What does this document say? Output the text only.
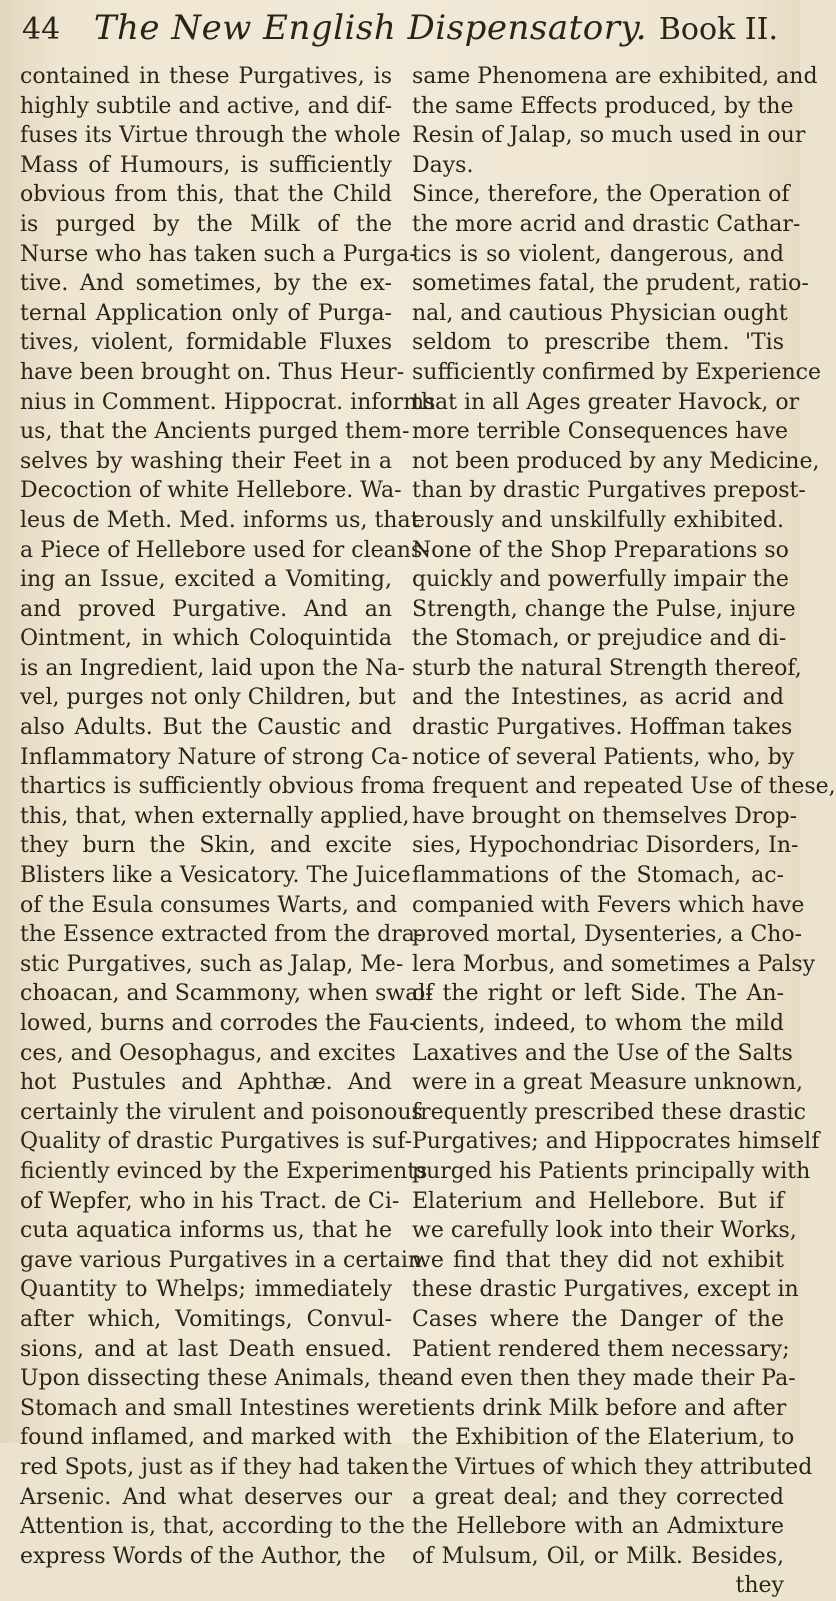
44 The New English Dispensatory. Book II.
contained in these Purgatives, is
highly subtile and active, and dif-
fuses its Virtue through the whole
Mass of Humours, is sufficiently
obvious from this, that the Child
is purged by the Milk of the
Nurse who has taken such a Purga-
tive. And sometimes, by the ex-
ternal Application only of Purga-
tives, violent, formidable Fluxes
have been brought on. Thus Heur-
nius in Comment. Hippocrat. informs
us, that the Ancients purged them-
selves by washing their Feet in a
Decoction of white Hellebore. Wa-
leus de Meth. Med. informs us, that
a Piece of Hellebore used for cleans-
ing an Issue, excited a Vomiting,
and proved Purgative. And an
Ointment, in which Coloquintida
is an Ingredient, laid upon the Na-
vel, purges not only Children, but
also Adults. But the Caustic and
Inflammatory Nature of strong Ca-
thartics is sufficiently obvious from
this, that, when externally applied,
they burn the Skin, and excite
Blisters like a Vesicatory. The Juice
of the Esula consumes Warts, and
the Essence extracted from the dra-
stic Purgatives, such as Jalap, Me-
choacan, and Scammony, when swal-
lowed, burns and corrodes the Fau-
ces, and Oesophagus, and excites
hot Pustules and Aphthæ. And
certainly the virulent and poisonous
Quality of drastic Purgatives is suf-
ficiently evinced by the Experiments
of Wepfer, who in his Tract. de Ci-
cuta aquatica informs us, that he
gave various Purgatives in a certain
Quantity to Whelps; immediately
after which, Vomitings, Convul-
sions, and at last Death ensued.
Upon dissecting these Animals, the
Stomach and small Intestines were
found inflamed, and marked with
red Spots, just as if they had taken
Arsenic. And what deserves our
Attention is, that, according to the
express Words of the Author, the
same Phenomena are exhibited, and
the same Effects produced, by the
Resin of Jalap, so much used in our
Days.
Since, therefore, the Operation of
the more acrid and drastic Cathar-
tics is so violent, dangerous, and
sometimes fatal, the prudent, ratio-
nal, and cautious Physician ought
seldom to prescribe them. 'Tis
sufficiently confirmed by Experience
that in all Ages greater Havock, or
more terrible Consequences have
not been produced by any Medicine,
than by drastic Purgatives prepost-
erously and unskilfully exhibited.
None of the Shop Preparations so
quickly and powerfully impair the
Strength, change the Pulse, injure
the Stomach, or prejudice and di-
sturb the natural Strength thereof,
and the Intestines, as acrid and
drastic Purgatives. Hoffman takes
notice of several Patients, who, by
a frequent and repeated Use of these,
have brought on themselves Drop-
sies, Hypochondriac Disorders, In-
flammations of the Stomach, ac-
companied with Fevers which have
proved mortal, Dysenteries, a Cho-
lera Morbus, and sometimes a Palsy
of the right or left Side. The An-
cients, indeed, to whom the mild
Laxatives and the Use of the Salts
were in a great Measure unknown,
frequently prescribed these drastic
Purgatives; and Hippocrates himself
purged his Patients principally with
Elaterium and Hellebore. But if
we carefully look into their Works,
we find that they did not exhibit
these drastic Purgatives, except in
Cases where the Danger of the
Patient rendered them necessary;
and even then they made their Pa-
tients drink Milk before and after
the Exhibition of the Elaterium, to
the Virtues of which they attributed
a great deal; and they corrected
the Hellebore with an Admixture
of Mulsum, Oil, or Milk. Besides,
they
